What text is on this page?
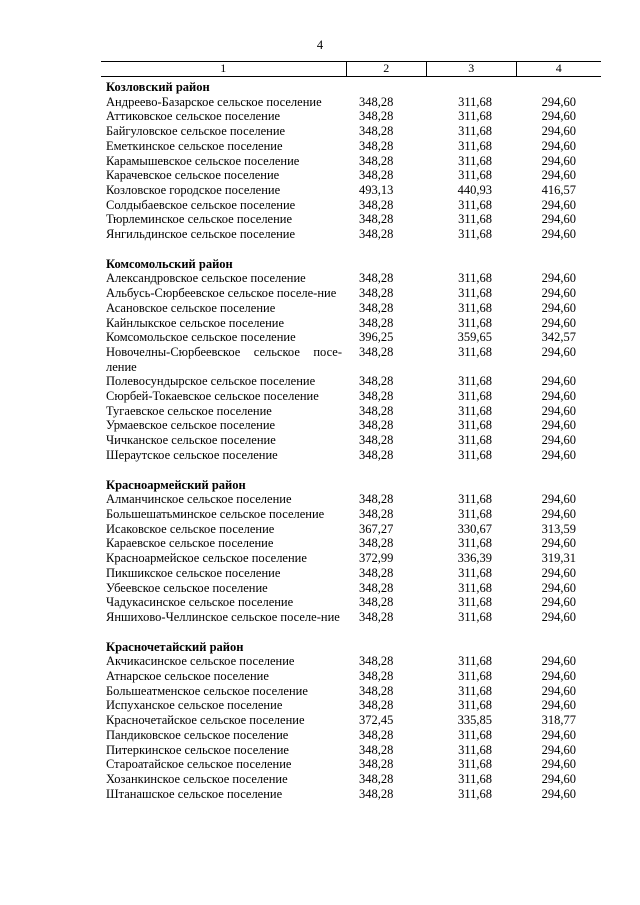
4
1	2	3	4
Козловский район
Андреево-Базарское сельское поселение	348,28	311,68	294,60
Аттиковское сельское поселение	348,28	311,68	294,60
Байгуловское сельское поселение	348,28	311,68	294,60
Еметкинское сельское поселение	348,28	311,68	294,60
Карамышевское сельское поселение	348,28	311,68	294,60
Карачевское сельское поселение	348,28	311,68	294,60
Козловское городское поселение	493,13	440,93	416,57
Солдыбаевское сельское поселение	348,28	311,68	294,60
Тюрлеминское сельское поселение	348,28	311,68	294,60
Янгильдинское сельское поселение	348,28	311,68	294,60
Комсомольский район
Александровское сельское поселение	348,28	311,68	294,60
Альбусь-Сюрбеевское сельское поселе-ние	348,28	311,68	294,60
Асановское сельское поселение	348,28	311,68	294,60
Кайнлыкское сельское поселение	348,28	311,68	294,60
Комсомольское сельское поселение	396,25	359,65	342,57
Новочелны-Сюрбеевское сельское посе-ление
348,28	311,68	294,60
Полевосундырское сельское поселение	348,28	311,68	294,60
Сюрбей-Токаевское сельское поселение	348,28	311,68	294,60
Тугаевское сельское поселение	348,28	311,68	294,60
Урмаевское сельское поселение	348,28	311,68	294,60
Чичканское сельское поселение	348,28	311,68	294,60
Шераутское сельское поселение	348,28	311,68	294,60
Красноармейский район
Алманчинское сельское поселение	348,28	311,68	294,60
Большешатьминское сельское поселение	348,28	311,68	294,60
Исаковское сельское поселение	367,27	330,67	313,59
Караевское сельское поселение	348,28	311,68	294,60
Красноармейское сельское поселение	372,99	336,39	319,31
Пикшикское сельское поселение	348,28	311,68	294,60
Убеевское сельское поселение	348,28	311,68	294,60
Чадукасинское сельское поселение	348,28	311,68	294,60
Яншихово-Челлинское сельское поселе-ние	348,28	311,68	294,60
Красночетайский район
Акчикасинское сельское поселение	348,28	311,68	294,60
Атнарское сельское поселение	348,28	311,68	294,60
Большеатменское сельское поселение	348,28	311,68	294,60
Испуханское сельское поселение	348,28	311,68	294,60
Красночетайское сельское поселение	372,45	335,85	318,77
Пандиковское сельское поселение	348,28	311,68	294,60
Питеркинское сельское поселение	348,28	311,68	294,60
Староатайское сельское поселение	348,28	311,68	294,60
Хозанкинское сельское поселение	348,28	311,68	294,60
Штанашское сельское поселение	348,28	311,68	294,60
